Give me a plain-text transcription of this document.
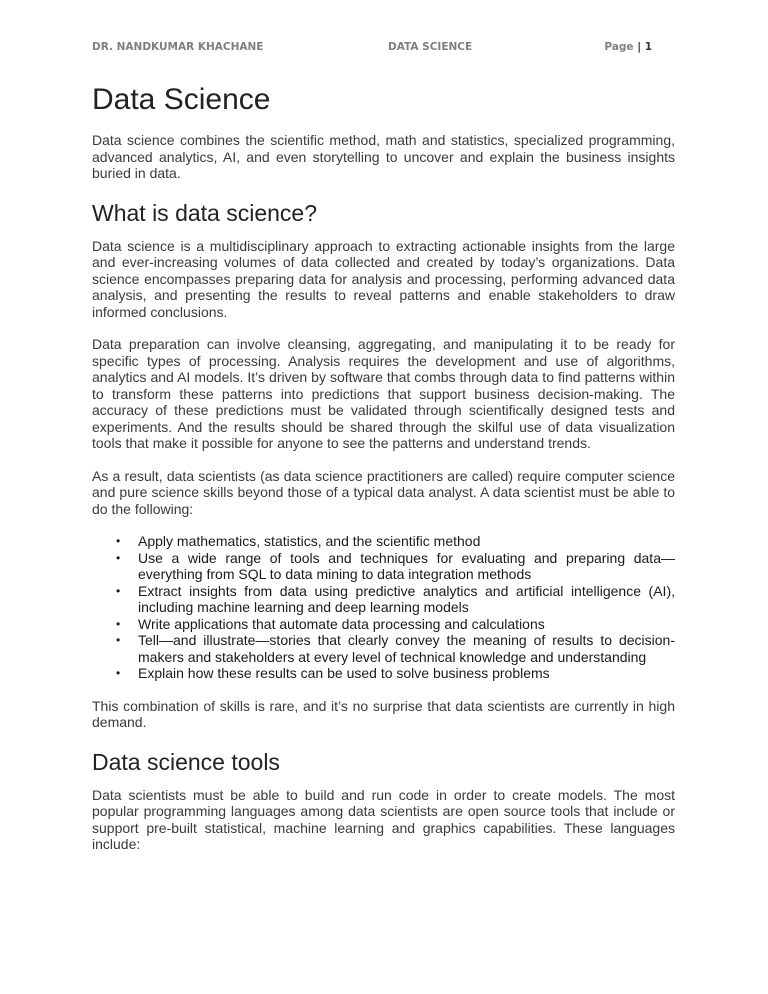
DR. NANDKUMAR KHACHANE	DATA SCIENCE	Page | 1
Data Science

Data science combines the scientific method, math and statistics, specialized programming, advanced analytics, AI, and even storytelling to uncover and explain the business insights buried in data.

What is data science?

Data science is a multidisciplinary approach to extracting actionable insights from the large and ever-increasing volumes of data collected and created by today’s organizations. Data science encompasses preparing data for analysis and processing, performing advanced data analysis, and presenting the results to reveal patterns and enable stakeholders to draw informed conclusions.

Data preparation can involve cleansing, aggregating, and manipulating it to be ready for specific types of processing. Analysis requires the development and use of algorithms, analytics and AI models. It’s driven by software that combs through data to find patterns within to transform these patterns into predictions that support business decision-making. The accuracy of these predictions must be validated through scientifically designed tests and experiments. And the results should be shared through the skilful use of data visualization tools that make it possible for anyone to see the patterns and understand trends.

As a result, data scientists (as data science practitioners are called) require computer science and pure science skills beyond those of a typical data analyst. A data scientist must be able to do the following:

• Apply mathematics, statistics, and the scientific method
• Use a wide range of tools and techniques for evaluating and preparing data—everything from SQL to data mining to data integration methods
• Extract insights from data using predictive analytics and artificial intelligence (AI), including machine learning and deep learning models
• Write applications that automate data processing and calculations
• Tell—and illustrate—stories that clearly convey the meaning of results to decision-makers and stakeholders at every level of technical knowledge and understanding
• Explain how these results can be used to solve business problems

This combination of skills is rare, and it’s no surprise that data scientists are currently in high demand.

Data science tools

Data scientists must be able to build and run code in order to create models. The most popular programming languages among data scientists are open source tools that include or support pre-built statistical, machine learning and graphics capabilities. These languages include:
